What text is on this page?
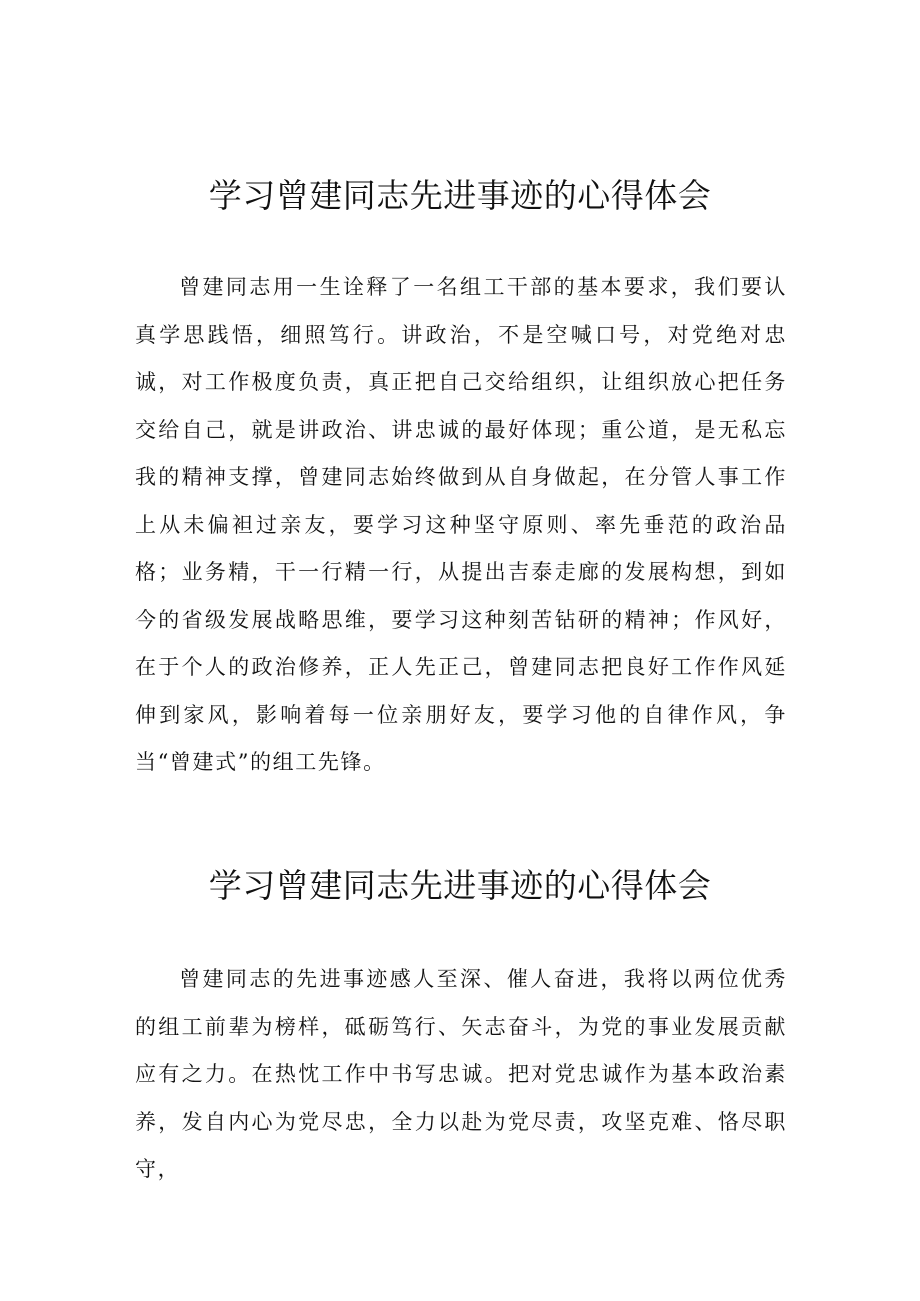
学习曾建同志先进事迹的心得体会

曾建同志用一生诠释了一名组工干部的基本要求，我们要认真学思践悟，细照笃行。讲政治，不是空喊口号，对党绝对忠诚，对工作极度负责，真正把自己交给组织，让组织放心把任务交给自己，就是讲政治、讲忠诚的最好体现；重公道，是无私忘我的精神支撑，曾建同志始终做到从自身做起，在分管人事工作上从未偏袒过亲友，要学习这种坚守原则、率先垂范的政治品格；业务精，干一行精一行，从提出吉泰走廊的发展构想，到如今的省级发展战略思维，要学习这种刻苦钻研的精神；作风好，在于个人的政治修养，正人先正己，曾建同志把良好工作作风延伸到家风，影响着每一位亲朋好友，要学习他的自律作风，争当“曾建式”的组工先锋。

学习曾建同志先进事迹的心得体会

曾建同志的先进事迹感人至深、催人奋进，我将以两位优秀的组工前辈为榜样，砥砺笃行、矢志奋斗，为党的事业发展贡献应有之力。在热忱工作中书写忠诚。把对党忠诚作为基本政治素养，发自内心为党尽忠，全力以赴为党尽责，攻坚克难、恪尽职守，
